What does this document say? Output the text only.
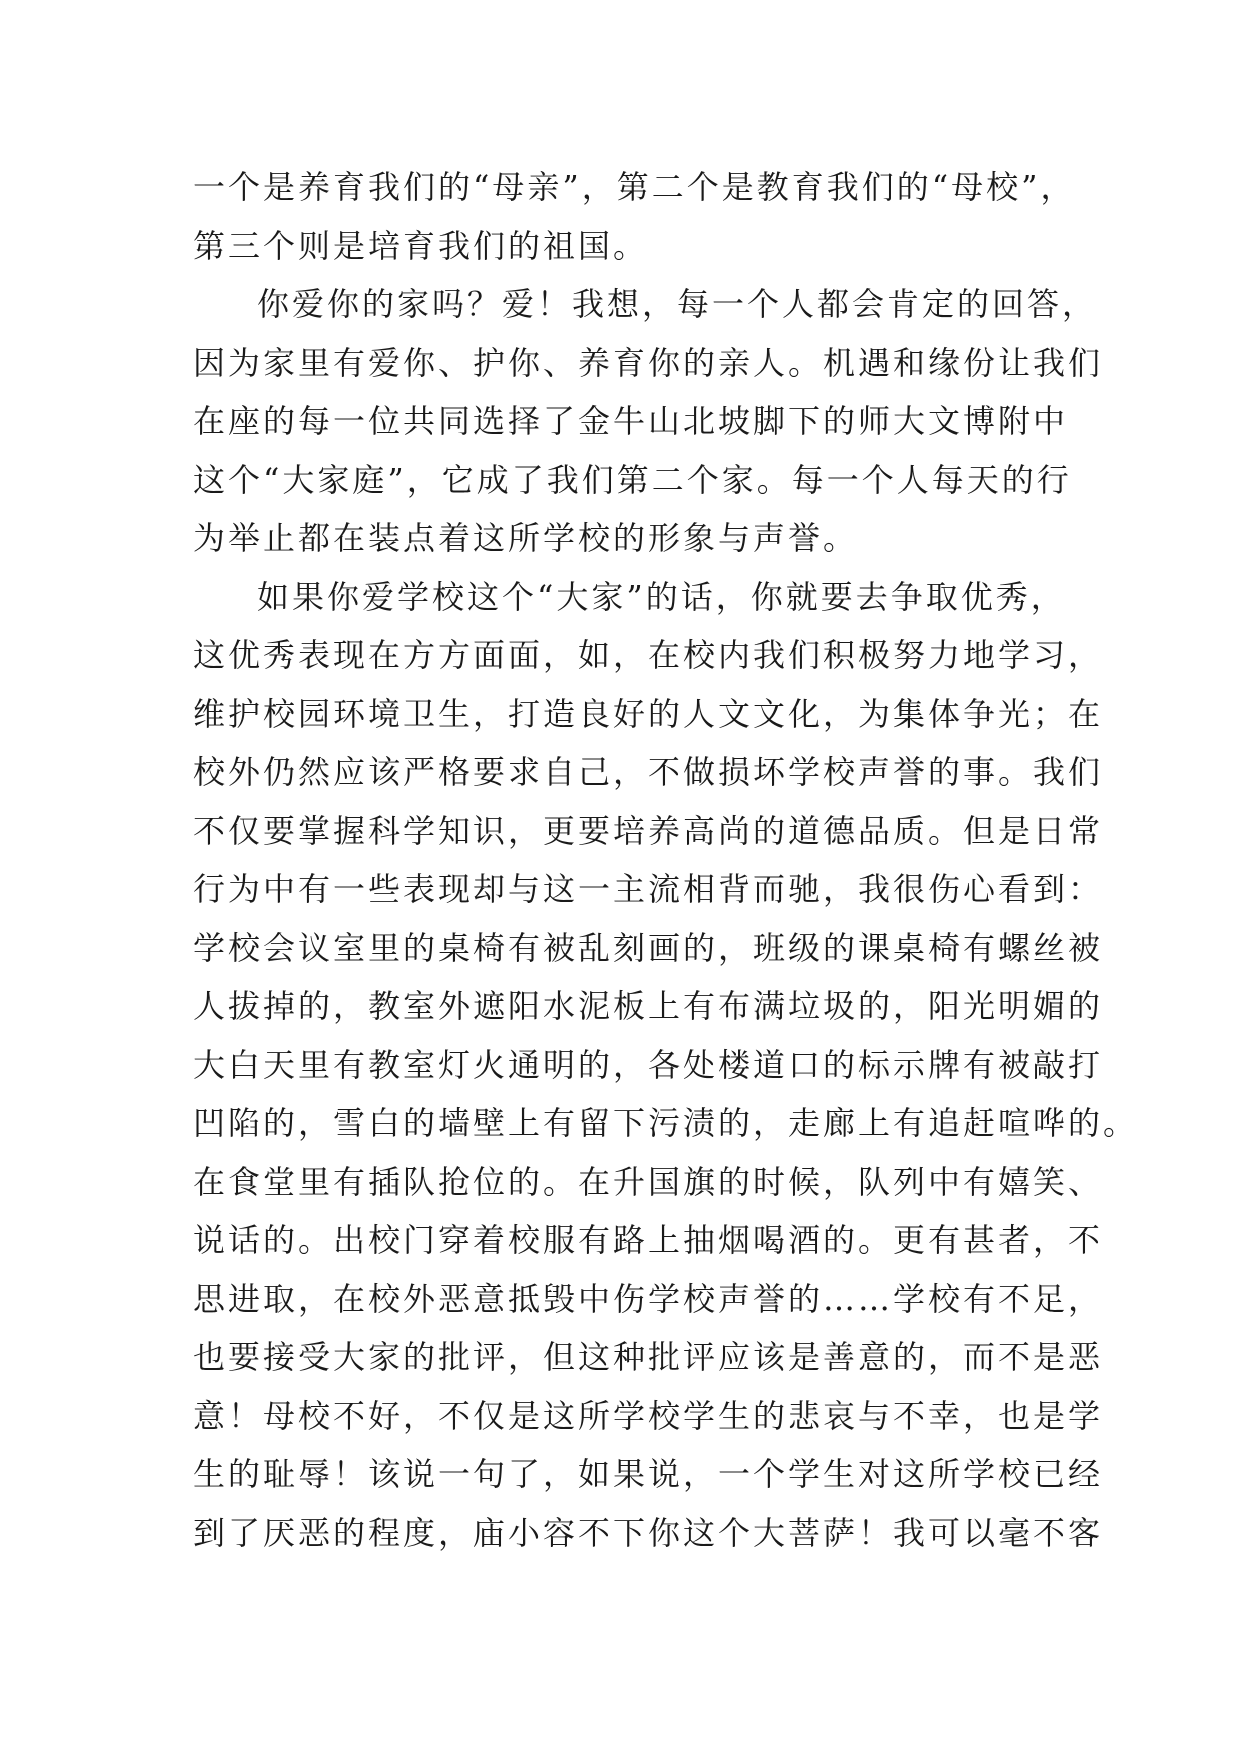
一个是养育我们的“母亲”，第二个是教育我们的“母校”，
第三个则是培育我们的祖国。
你爱你的家吗？爱！我想，每一个人都会肯定的回答，
因为家里有爱你、护你、养育你的亲人。机遇和缘份让我们
在座的每一位共同选择了金牛山北坡脚下的师大文博附中
这个“大家庭”，它成了我们第二个家。每一个人每天的行
为举止都在装点着这所学校的形象与声誉。
如果你爱学校这个“大家”的话，你就要去争取优秀，
这优秀表现在方方面面，如，在校内我们积极努力地学习，
维护校园环境卫生，打造良好的人文文化，为集体争光；在
校外仍然应该严格要求自己，不做损坏学校声誉的事。我们
不仅要掌握科学知识，更要培养高尚的道德品质。但是日常
行为中有一些表现却与这一主流相背而驰，我很伤心看到：
学校会议室里的桌椅有被乱刻画的，班级的课桌椅有螺丝被
人拔掉的，教室外遮阳水泥板上有布满垃圾的，阳光明媚的
大白天里有教室灯火通明的，各处楼道口的标示牌有被敲打
凹陷的，雪白的墙壁上有留下污渍的，走廊上有追赶喧哗的。
在食堂里有插队抢位的。在升国旗的时候，队列中有嬉笑、
说话的。出校门穿着校服有路上抽烟喝酒的。更有甚者，不
思进取，在校外恶意抵毁中伤学校声誉的……学校有不足，
也要接受大家的批评，但这种批评应该是善意的，而不是恶
意！母校不好，不仅是这所学校学生的悲哀与不幸，也是学
生的耻辱！该说一句了，如果说，一个学生对这所学校已经
到了厌恶的程度，庙小容不下你这个大菩萨！我可以毫不客
